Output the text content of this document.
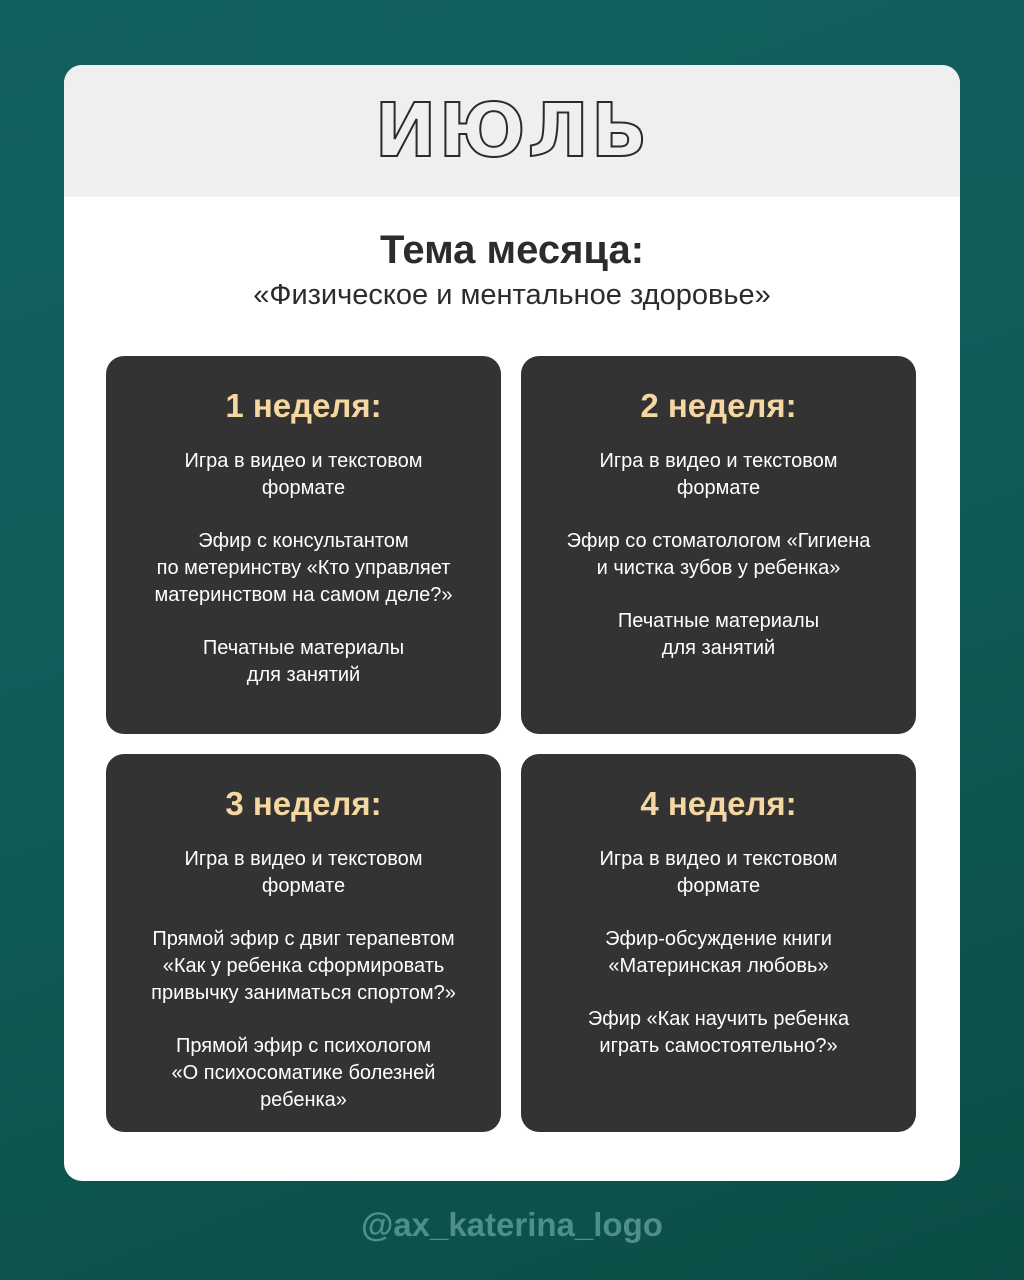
ИЮЛЬ
Тема месяца:
«Физическое и ментальное здоровье»
1 неделя:
Игра в видео и текстовом
формате
Эфир с консультантом
по метеринству «Кто управляет
материнством на самом деле?»
Печатные материалы
для занятий
2 неделя:
Игра в видео и текстовом
формате
Эфир со стоматологом «Гигиена
и чистка зубов у ребенка»
Печатные материалы
для занятий
3 неделя:
Игра в видео и текстовом
формате
Прямой эфир с двиг терапевтом
«Как у ребенка сформировать
привычку заниматься спортом?»
Прямой эфир с психологом
«О психосоматике болезней
ребенка»
4 неделя:
Игра в видео и текстовом
формате
Эфир-обсуждение книги
«Материнская любовь»
Эфир «Как научить ребенка
играть самостоятельно?»
@ax_katerina_logo
